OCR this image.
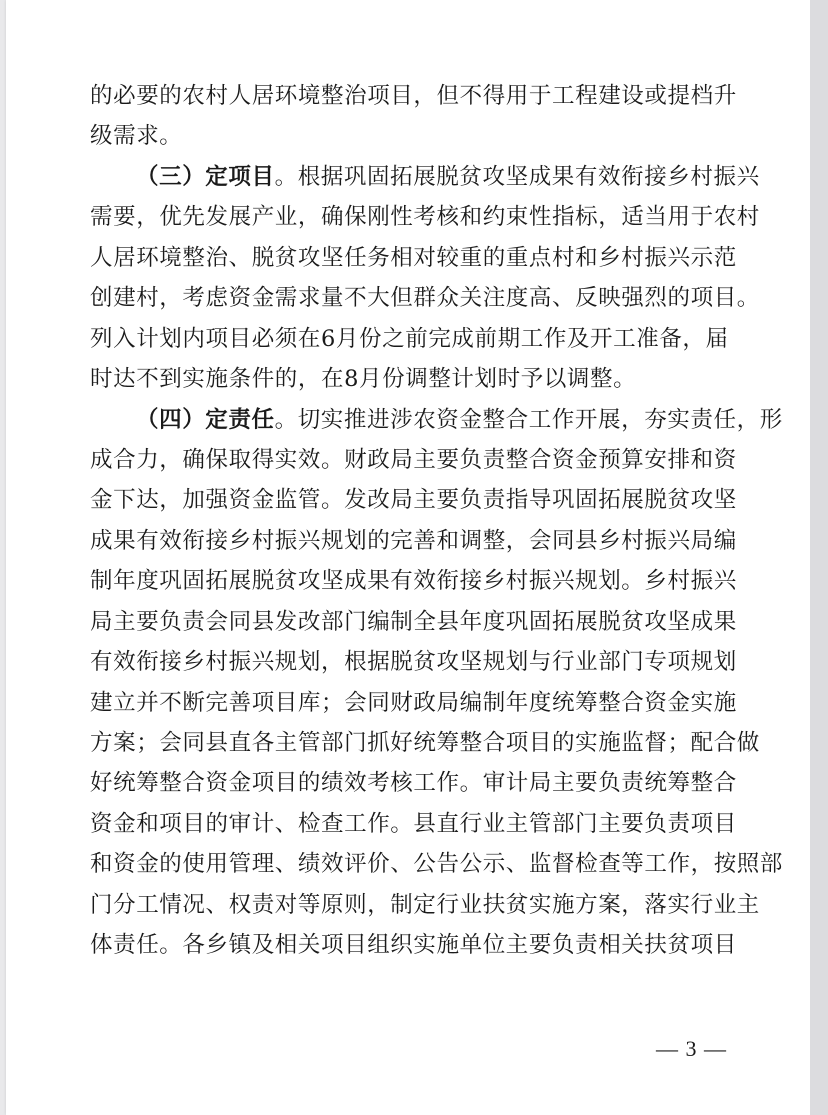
的必要的农村人居环境整治项目，但不得用于工程建设或提档升
级需求。
（三）定项目。根据巩固拓展脱贫攻坚成果有效衔接乡村振兴
需要，优先发展产业，确保刚性考核和约束性指标，适当用于农村
人居环境整治、脱贫攻坚任务相对较重的重点村和乡村振兴示范
创建村，考虑资金需求量不大但群众关注度高、反映强烈的项目。
列入计划内项目必须在6月份之前完成前期工作及开工准备，届
时达不到实施条件的，在8月份调整计划时予以调整。
（四）定责任。切实推进涉农资金整合工作开展，夯实责任，形
成合力，确保取得实效。财政局主要负责整合资金预算安排和资
金下达，加强资金监管。发改局主要负责指导巩固拓展脱贫攻坚
成果有效衔接乡村振兴规划的完善和调整，会同县乡村振兴局编
制年度巩固拓展脱贫攻坚成果有效衔接乡村振兴规划。乡村振兴
局主要负责会同县发改部门编制全县年度巩固拓展脱贫攻坚成果
有效衔接乡村振兴规划，根据脱贫攻坚规划与行业部门专项规划
建立并不断完善项目库；会同财政局编制年度统筹整合资金实施
方案；会同县直各主管部门抓好统筹整合项目的实施监督；配合做
好统筹整合资金项目的绩效考核工作。审计局主要负责统筹整合
资金和项目的审计、检查工作。县直行业主管部门主要负责项目
和资金的使用管理、绩效评价、公告公示、监督检查等工作，按照部
门分工情况、权责对等原则，制定行业扶贫实施方案，落实行业主
体责任。各乡镇及相关项目组织实施单位主要负责相关扶贫项目
— 3 —
